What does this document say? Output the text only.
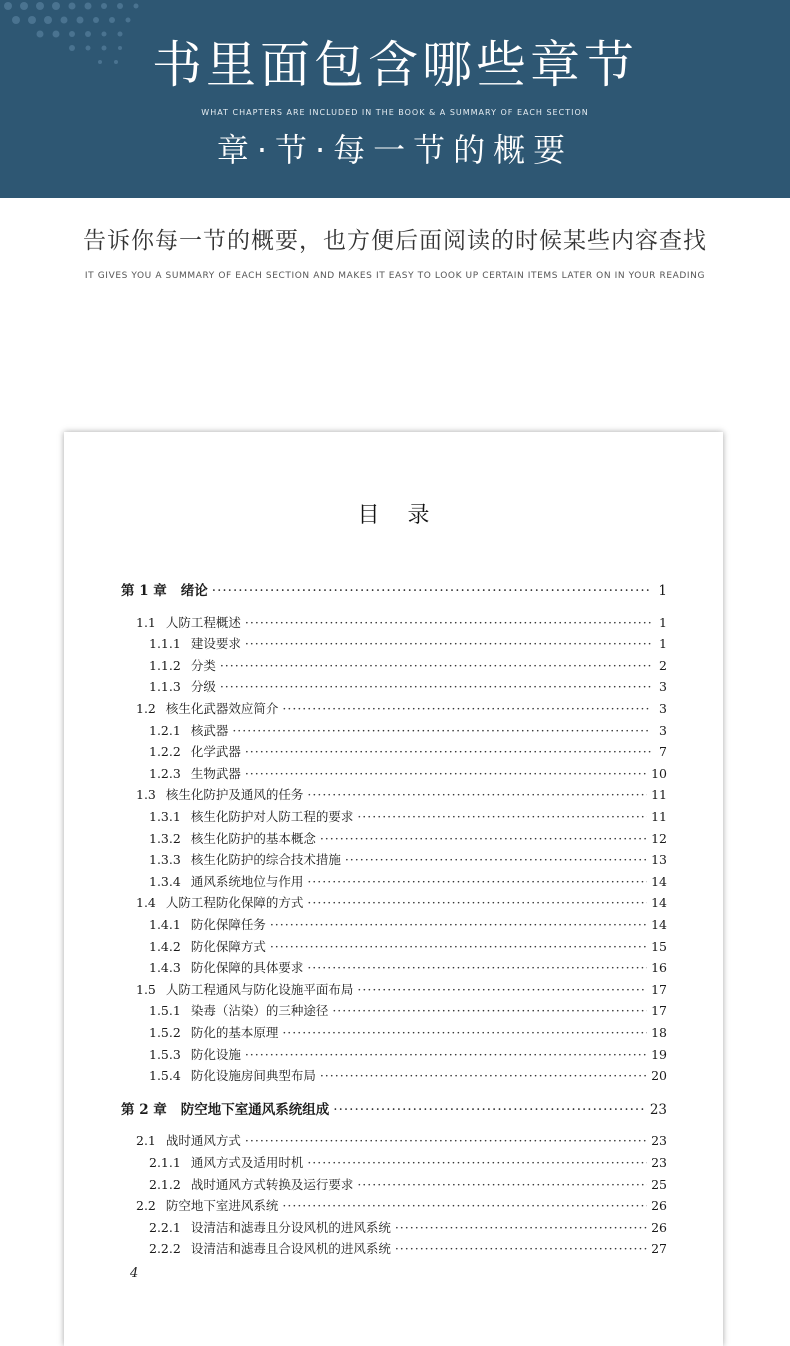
书里面包含哪些章节
WHAT CHAPTERS ARE INCLUDED IN THE BOOK & A SUMMARY OF EACH SECTION
章·节·每一节的概要
告诉你每一节的概要，也方便后面阅读的时候某些内容查找
IT GIVES YOU A SUMMARY OF EACH SECTION AND MAKES IT EASY TO LOOK UP CERTAIN ITEMS LATER ON IN YOUR READING
目录
第 1 章 绪论 ·····	1
1.1 人防工程概述 ·····	1
1.1.1 建设要求 ·····	1
1.1.2 分类 ·····	2
1.1.3 分级 ·····	3
1.2 核生化武器效应简介 ·····	3
1.2.1 核武器 ·····	3
1.2.2 化学武器 ·····	7
1.2.3 生物武器 ·····	10
1.3 核生化防护及通风的任务 ·····	11
1.3.1 核生化防护对人防工程的要求 ·····	11
1.3.2 核生化防护的基本概念 ·····	12
1.3.3 核生化防护的综合技术措施 ·····	13
1.3.4 通风系统地位与作用 ·····	14
1.4 人防工程防化保障的方式 ·····	14
1.4.1 防化保障任务 ·····	14
1.4.2 防化保障方式 ·····	15
1.4.3 防化保障的具体要求 ·····	16
1.5 人防工程通风与防化设施平面布局 ·····	17
1.5.1 染毒（沾染）的三种途径 ·····	17
1.5.2 防化的基本原理 ·····	18
1.5.3 防化设施 ·····	19
1.5.4 防化设施房间典型布局 ·····	20
第 2 章 防空地下室通风系统组成 ·····	23
2.1 战时通风方式 ·····	23
2.1.1 通风方式及适用时机 ·····	23
2.1.2 战时通风方式转换及运行要求 ·····	25
2.2 防空地下室进风系统 ·····	26
2.2.1 设清洁和滤毒且分设风机的进风系统 ·····	26
2.2.2 设清洁和滤毒且合设风机的进风系统 ·····	27
4
